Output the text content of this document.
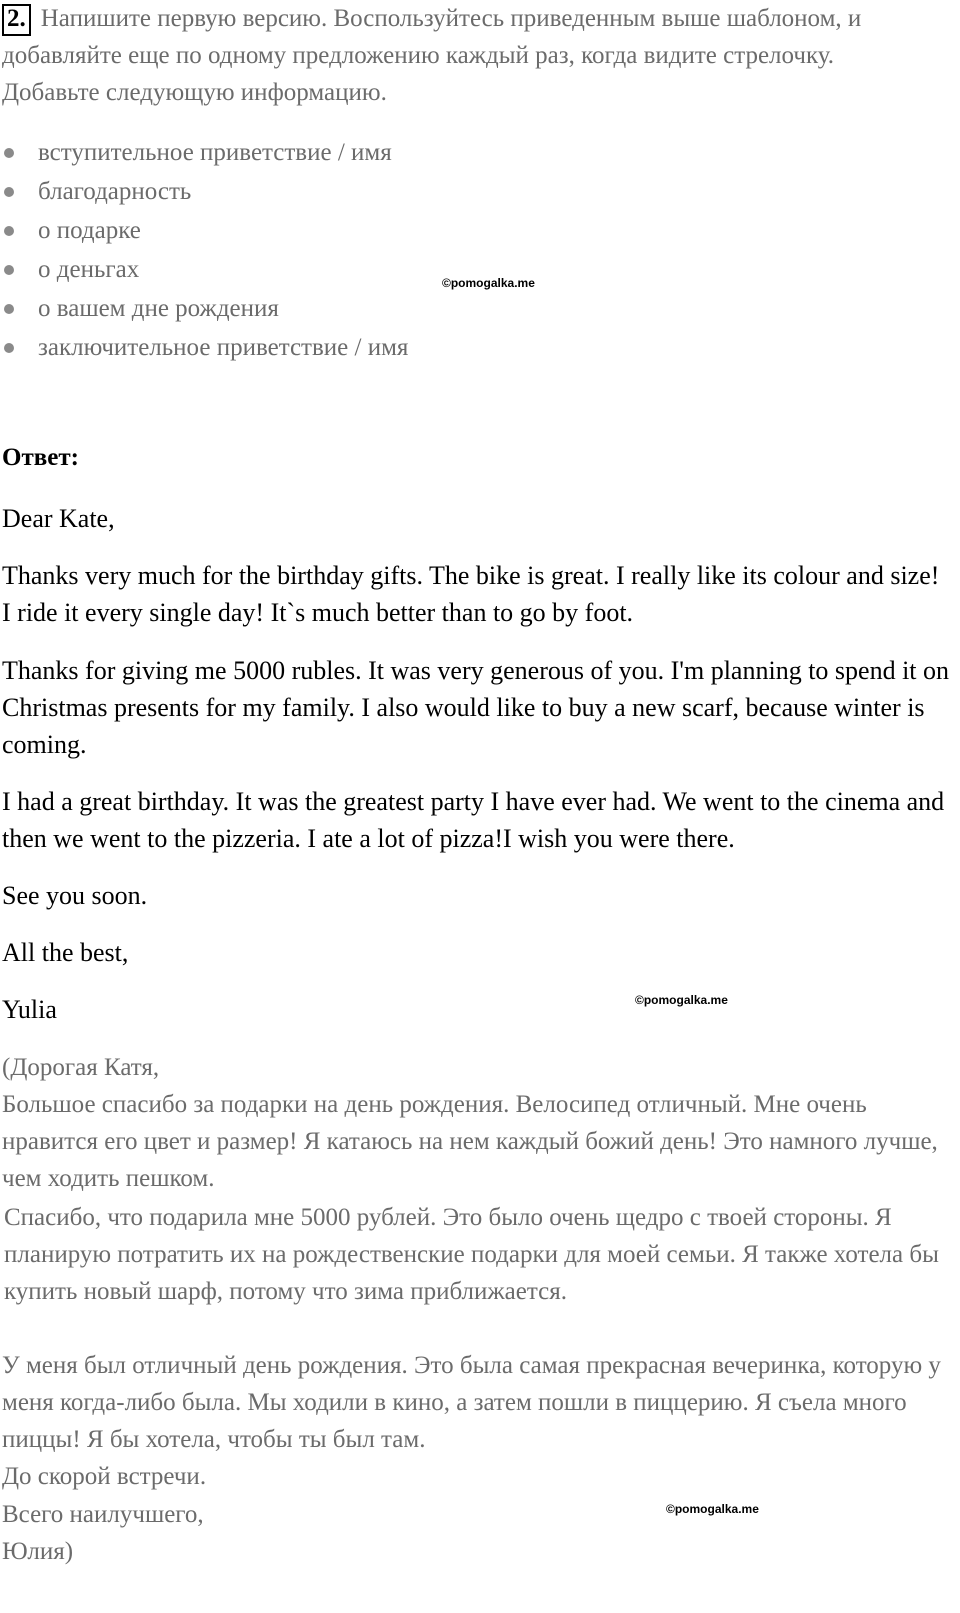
2. Напишите первую версию. Воспользуйтесь приведенным выше шаблоном, и добавляйте еще по одному предложению каждый раз, когда видите стрелочку. Добавьте следующую информацию.
вступительное приветствие / имя
благодарность
о подарке
о деньгах
о вашем дне рождения
заключительное приветствие / имя
©pomogalka.me
Ответ:

Dear Kate,

Thanks very much for the birthday gifts. The bike is great. I really like its colour and size! I ride it every single day! It`s much better than to go by foot.

Thanks for giving me 5000 rubles. It was very generous of you. I'm planning to spend it on Christmas presents for my family. I also would like to buy a new scarf, because winter is coming.

I had a great birthday. It was the greatest party I have ever had. We went to the cinema and then we went to the pizzeria. I ate a lot of pizza!I wish you were there.

See you soon.

All the best,

Yulia	©pomogalka.me

(Дорогая Катя,

Большое спасибо за подарки на день рождения. Велосипед отличный. Мне очень нравится его цвет и размер! Я катаюсь на нем каждый божий день! Это намного лучше, чем ходить пешком.

Спасибо, что подарила мне 5000 рублей. Это было очень щедро с твоей стороны. Я планирую потратить их на рождественские подарки для моей семьи. Я также хотела бы купить новый шарф, потому что зима приближается.

У меня был отличный день рождения. Это была самая прекрасная вечеринка, которую у меня когда-либо была. Мы ходили в кино, а затем пошли в пиццерию. Я съела много пиццы! Я бы хотела, чтобы ты был там.

До скорой встречи.

Всего наилучшего,

Юлия)

©pomogalka.me
